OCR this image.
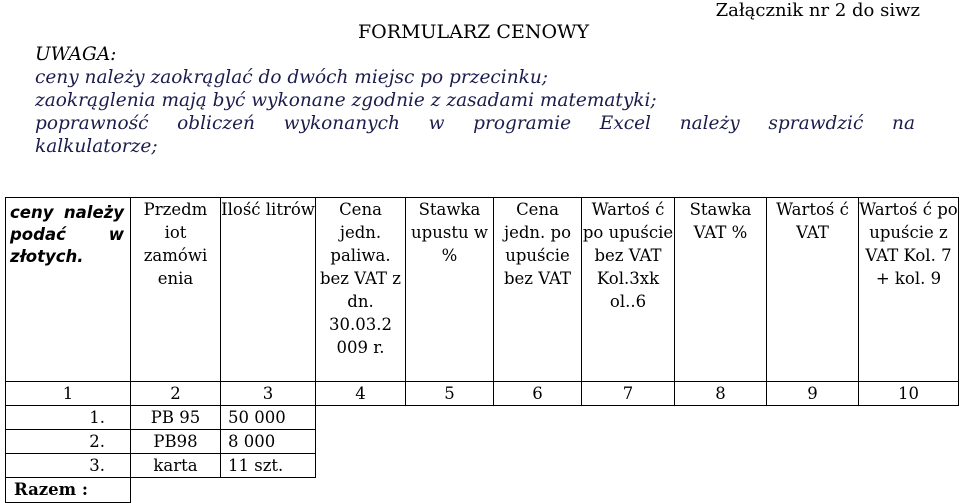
Załącznik nr 2 do siwz
FORMULARZ CENOWY
UWAGA:
ceny należy zaokrąglać do dwóch miejsc po przecinku;
zaokrąglenia mają być wykonane zgodnie z zasadami matematyki;
poprawność obliczeń wykonanych w programie Excel należy sprawdzić na
kalkulatorze;
ceny należy podać w złotych.	Przedm iot zamówi enia	Ilość litrów	Cena jedn. paliwa. bez VAT z dn. 30.03.2 009 r.	Stawka upustu w %	Cena jedn. po upuście bez VAT	Wartoś ć po upuście bez VAT Kol.3xk ol..6	Stawka VAT %	Wartoś ć VAT	Wartoś ć po upuście z VAT Kol. 7 + kol. 9
1	2	3	4	5	6	7	8	9	10
1.	PB 95	50 000							
2.	PB98	8 000							
3.	karta	11 szt.							
Razem :									
